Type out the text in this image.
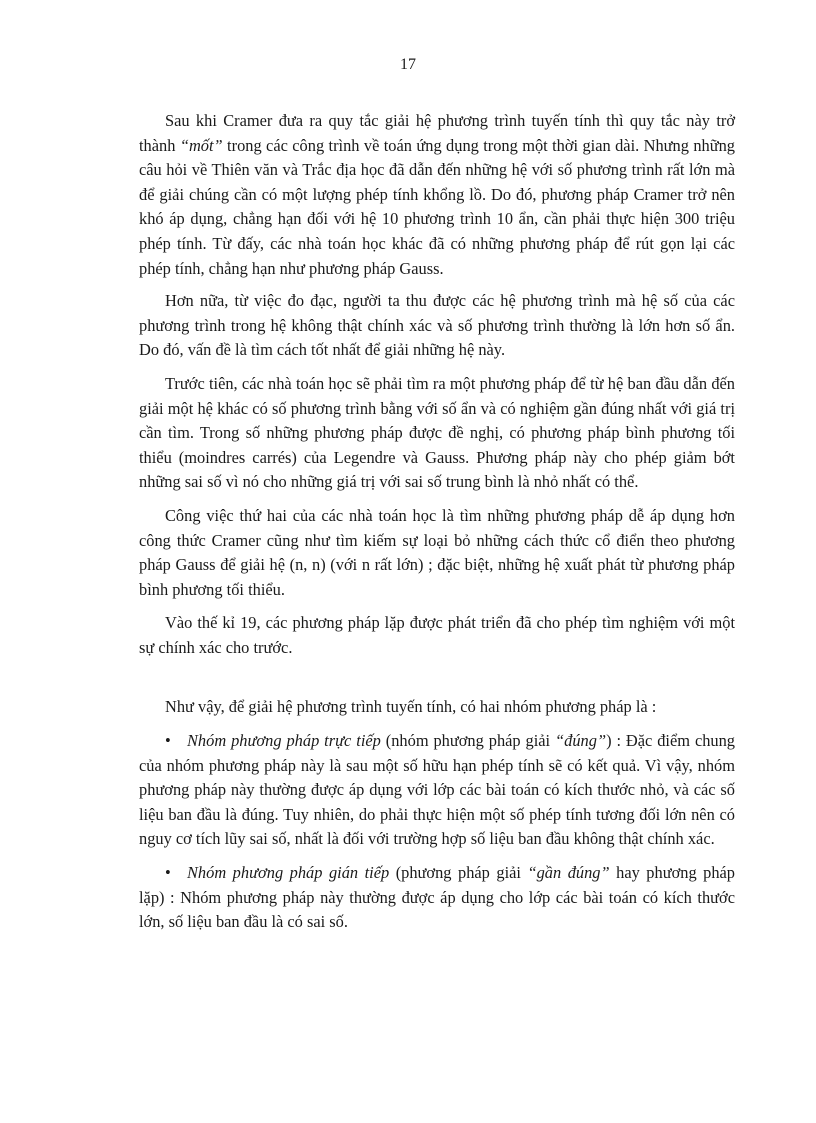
17

Sau khi Cramer đưa ra quy tắc giải hệ phương trình tuyến tính thì quy tắc này trở thành “mốt” trong các công trình về toán ứng dụng trong một thời gian dài. Nhưng những câu hỏi về Thiên văn và Trắc địa học đã dẫn đến những hệ với số phương trình rất lớn mà để giải chúng cần có một lượng phép tính khổng lồ. Do đó, phương pháp Cramer trở nên khó áp dụng, chẳng hạn đối với hệ 10 phương trình 10 ẩn, cần phải thực hiện 300 triệu phép tính. Từ đấy, các nhà toán học khác đã có những phương pháp để rút gọn lại các phép tính, chẳng hạn như phương pháp Gauss.

Hơn nữa, từ việc đo đạc, người ta thu được các hệ phương trình mà hệ số của các phương trình trong hệ không thật chính xác và số phương trình thường là lớn hơn số ẩn. Do đó, vấn đề là tìm cách tốt nhất để giải những hệ này.

Trước tiên, các nhà toán học sẽ phải tìm ra một phương pháp để từ hệ ban đầu dẫn đến giải một hệ khác có số phương trình bằng với số ẩn và có nghiệm gần đúng nhất với giá trị cần tìm. Trong số những phương pháp được đề nghị, có phương pháp bình phương tối thiểu (moindres carrés) của Legendre và Gauss. Phương pháp này cho phép giảm bớt những sai số vì nó cho những giá trị với sai số trung bình là nhỏ nhất có thể.

Công việc thứ hai của các nhà toán học là tìm những phương pháp dễ áp dụng hơn công thức Cramer cũng như tìm kiếm sự loại bỏ những cách thức cổ điển theo phương pháp Gauss để giải hệ (n, n) (với n rất lớn) ; đặc biệt, những hệ xuất phát từ phương pháp bình phương tối thiểu.

Vào thế kỉ 19, các phương pháp lặp được phát triển đã cho phép tìm nghiệm với một sự chính xác cho trước.

Như vậy, để giải hệ phương trình tuyến tính, có hai nhóm phương pháp là :

• Nhóm phương pháp trực tiếp (nhóm phương pháp giải “đúng”) : Đặc điểm chung của nhóm phương pháp này là sau một số hữu hạn phép tính sẽ có kết quả. Vì vậy, nhóm phương pháp này thường được áp dụng với lớp các bài toán có kích thước nhỏ, và các số liệu ban đầu là đúng. Tuy nhiên, do phải thực hiện một số phép tính tương đối lớn nên có nguy cơ tích lũy sai số, nhất là đối với trường hợp số liệu ban đầu không thật chính xác.

• Nhóm phương pháp gián tiếp (phương pháp giải “gần đúng” hay phương pháp lặp) : Nhóm phương pháp này thường được áp dụng cho lớp các bài toán có kích thước lớn, số liệu ban đầu là có sai số.
